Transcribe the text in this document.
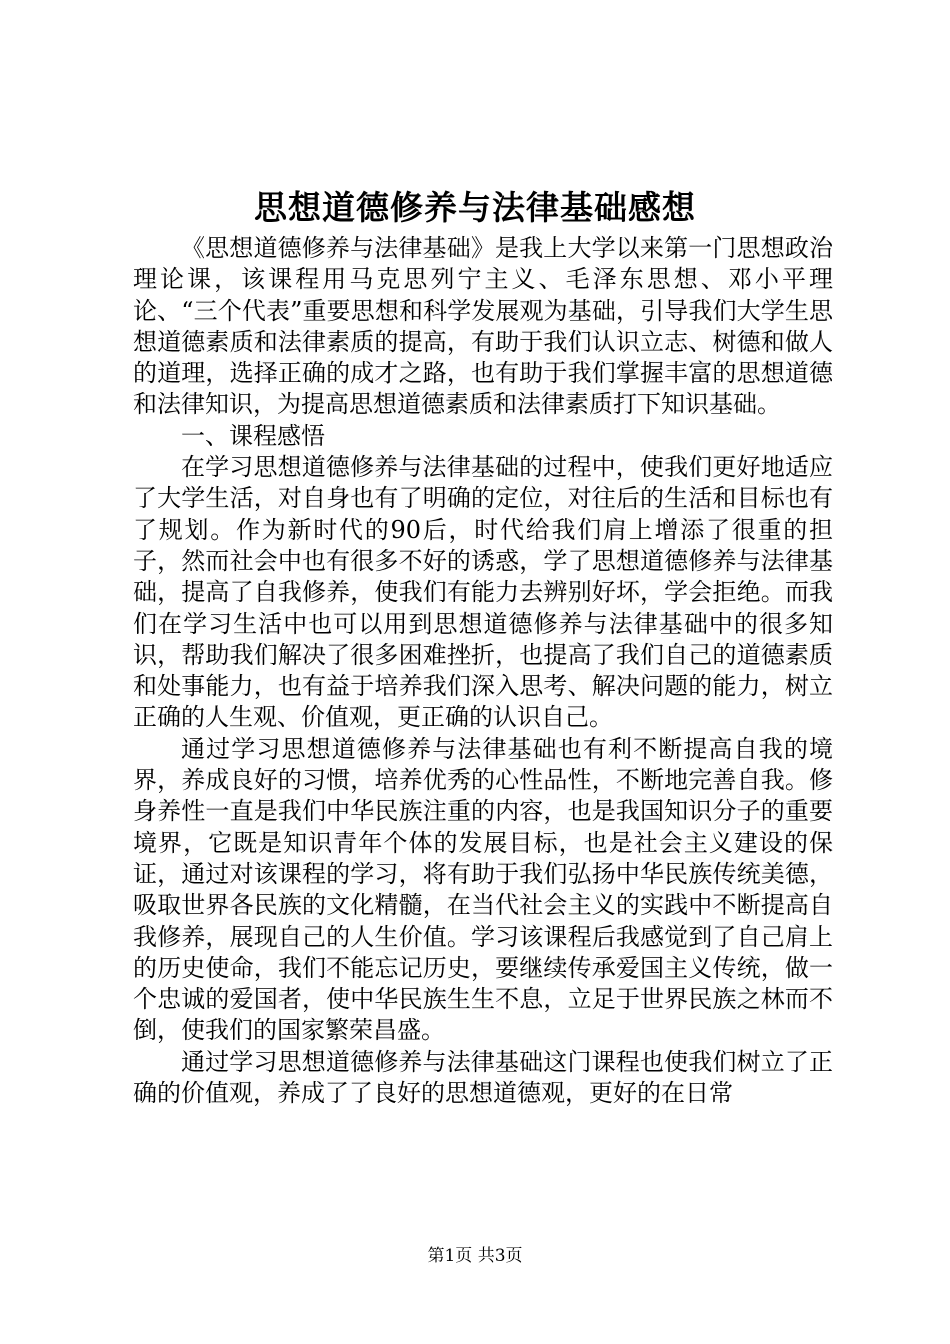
思想道德修养与法律基础感想

《思想道德修养与法律基础》是我上大学以来第一门思想政治理论课，该课程用马克思列宁主义、毛泽东思想、邓小平理论、“三个代表”重要思想和科学发展观为基础，引导我们大学生思想道德素质和法律素质的提高，有助于我们认识立志、树德和做人的道理，选择正确的成才之路，也有助于我们掌握丰富的思想道德和法律知识，为提高思想道德素质和法律素质打下知识基础。

一、课程感悟

在学习思想道德修养与法律基础的过程中，使我们更好地适应了大学生活，对自身也有了明确的定位，对往后的生活和目标也有了规划。作为新时代的90后，时代给我们肩上增添了很重的担子，然而社会中也有很多不好的诱惑，学了思想道德修养与法律基础，提高了自我修养，使我们有能力去辨别好坏，学会拒绝。而我们在学习生活中也可以用到思想道德修养与法律基础中的很多知识，帮助我们解决了很多困难挫折，也提高了我们自己的道德素质和处事能力，也有益于培养我们深入思考、解决问题的能力，树立正确的人生观、价值观，更正确的认识自己。

通过学习思想道德修养与法律基础也有利不断提高自我的境界，养成良好的习惯，培养优秀的心性品性，不断地完善自我。修身养性一直是我们中华民族注重的内容，也是我国知识分子的重要境界，它既是知识青年个体的发展目标，也是社会主义建设的保证，通过对该课程的学习，将有助于我们弘扬中华民族传统美德，吸取世界各民族的文化精髓，在当代社会主义的实践中不断提高自我修养，展现自己的人生价值。学习该课程后我感觉到了自己肩上的历史使命，我们不能忘记历史，要继续传承爱国主义传统，做一个忠诚的爱国者，使中华民族生生不息，立足于世界民族之林而不倒，使我们的国家繁荣昌盛。

通过学习思想道德修养与法律基础这门课程也使我们树立了正确的价值观，养成了了良好的思想道德观，更好的在日常

第1页 共3页
